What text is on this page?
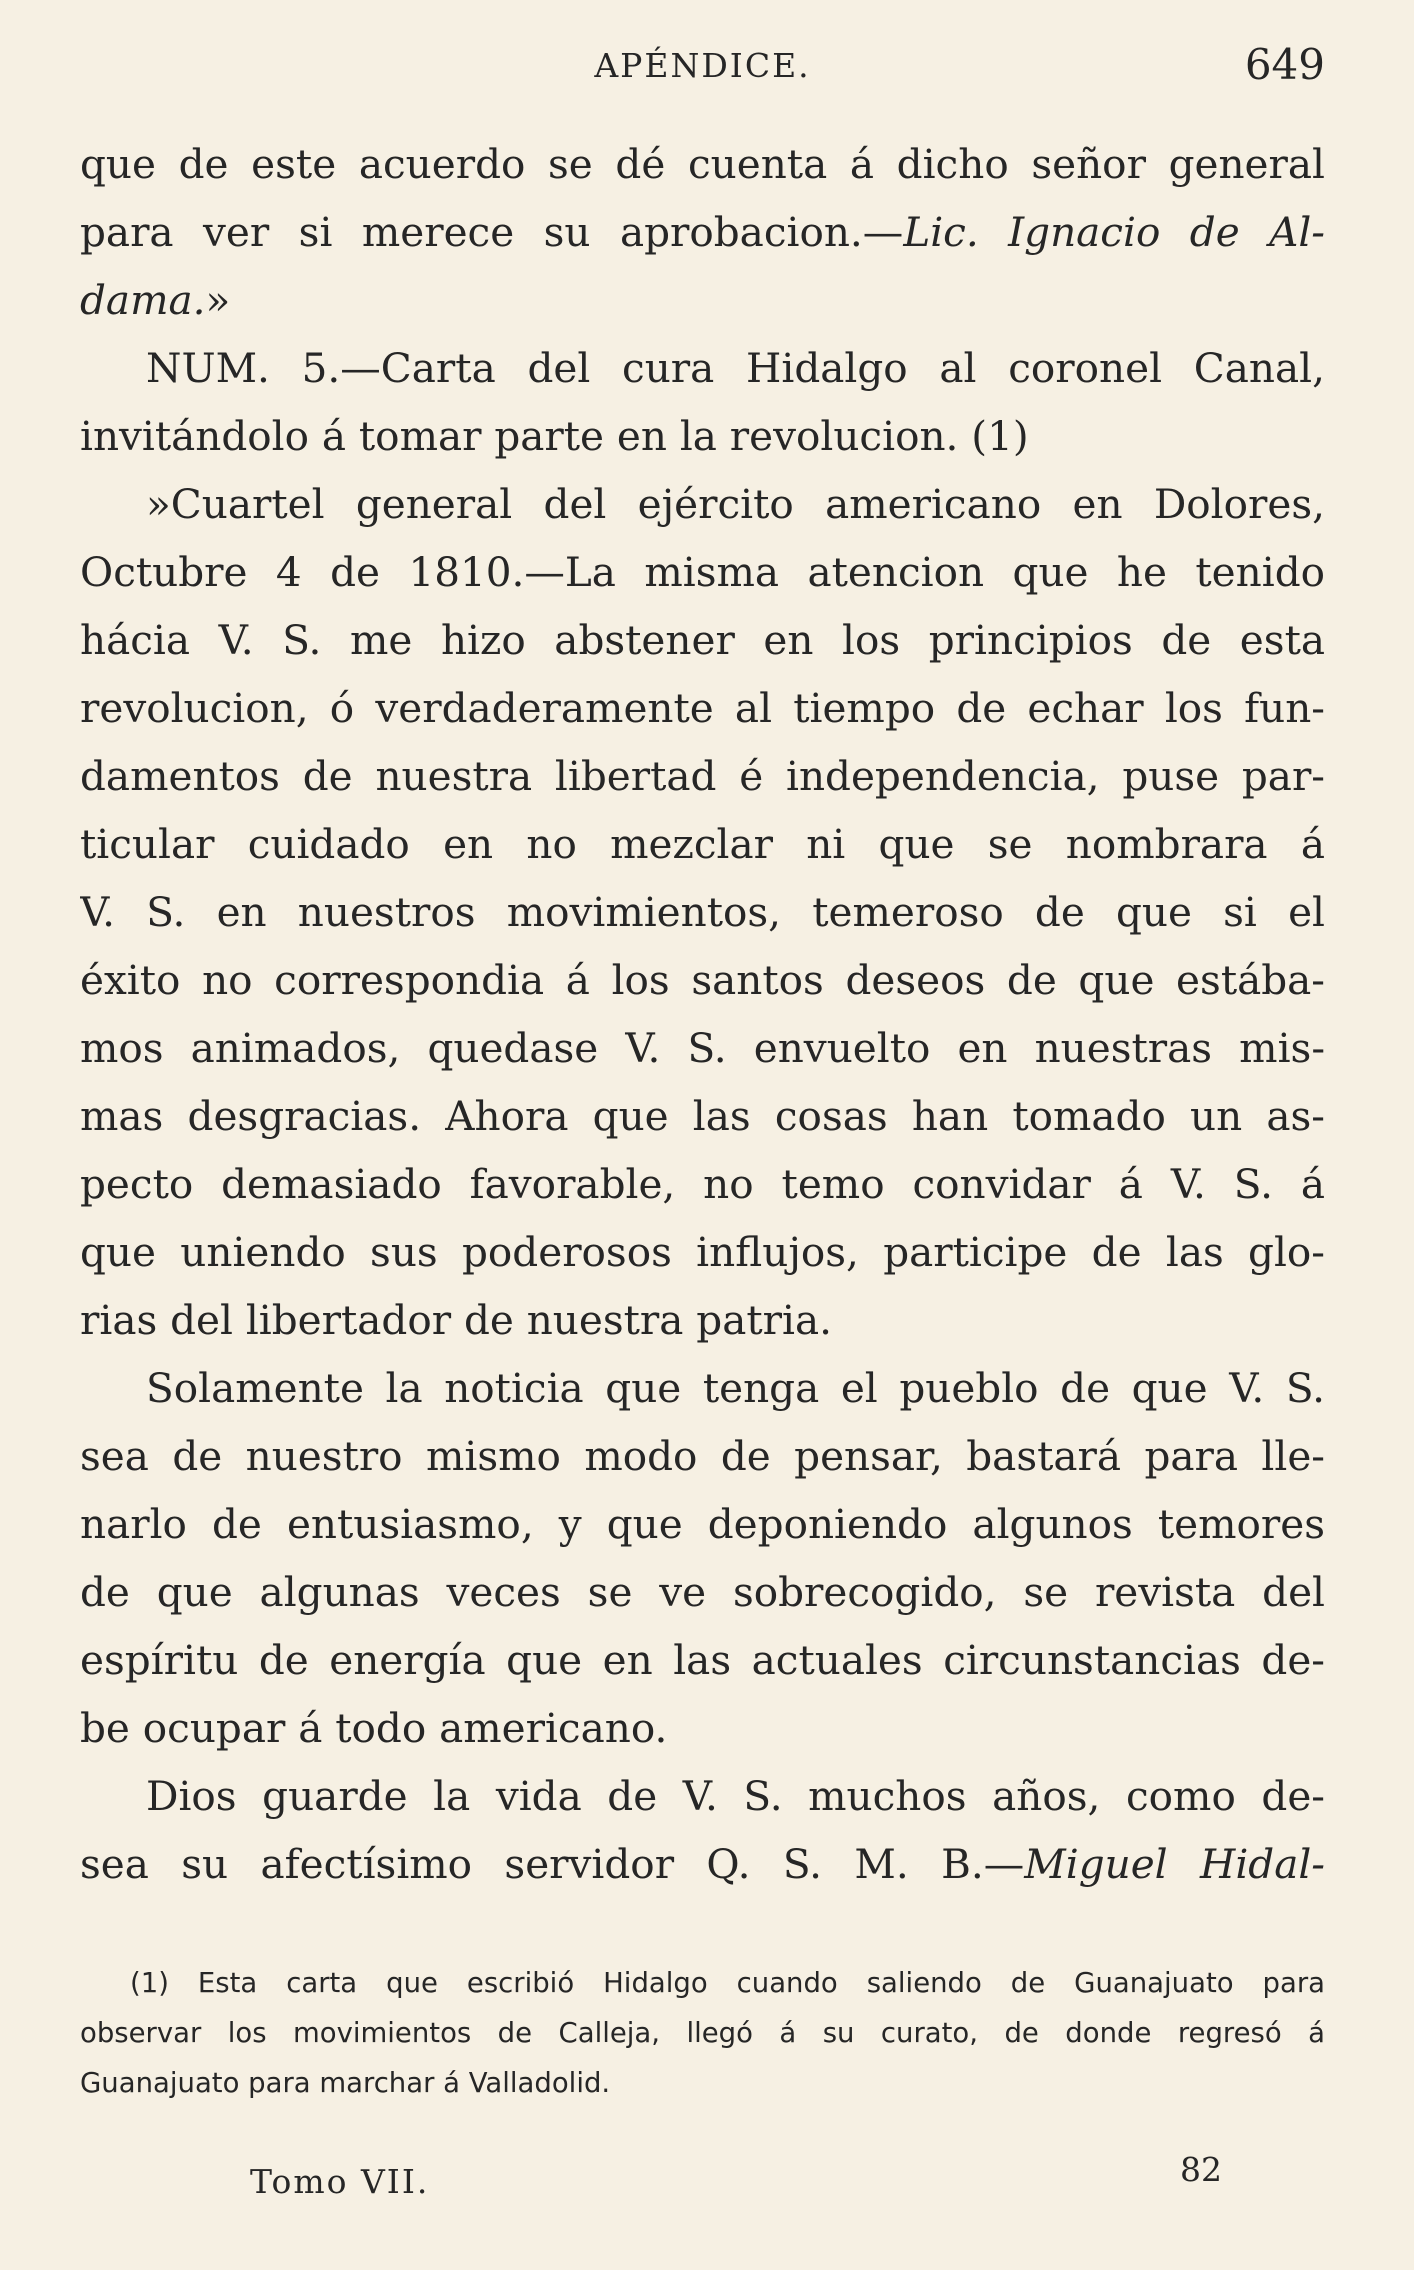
APÉNDICE.	649
que de este acuerdo se dé cuenta á dicho señor general
para ver si merece su aprobacion.—Lic. Ignacio de Al-
dama.»
NUM. 5.—Carta del cura Hidalgo al coronel Canal,
invitándolo á tomar parte en la revolucion. (1)
»Cuartel general del ejército americano en Dolores,
Octubre 4 de 1810.—La misma atencion que he tenido
hácia V. S. me hizo abstener en los principios de esta
revolucion, ó verdaderamente al tiempo de echar los fun-
damentos de nuestra libertad é independencia, puse par-
ticular cuidado en no mezclar ni que se nombrara á
V. S. en nuestros movimientos, temeroso de que si el
éxito no correspondia á los santos deseos de que estába-
mos animados, quedase V. S. envuelto en nuestras mis-
mas desgracias. Ahora que las cosas han tomado un as-
pecto demasiado favorable, no temo convidar á V. S. á
que uniendo sus poderosos influjos, participe de las glo-
rias del libertador de nuestra patria.
Solamente la noticia que tenga el pueblo de que V. S.
sea de nuestro mismo modo de pensar, bastará para lle-
narlo de entusiasmo, y que deponiendo algunos temores
de que algunas veces se ve sobrecogido, se revista del
espíritu de energía que en las actuales circunstancias de-
be ocupar á todo americano.
Dios guarde la vida de V. S. muchos años, como de-
sea su afectísimo servidor Q. S. M. B.—Miguel Hidal-
(1) Esta carta que escribió Hidalgo cuando saliendo de Guanajuato para
observar los movimientos de Calleja, llegó á su curato, de donde regresó á
Guanajuato para marchar á Valladolid.
Tomo VII.	82
